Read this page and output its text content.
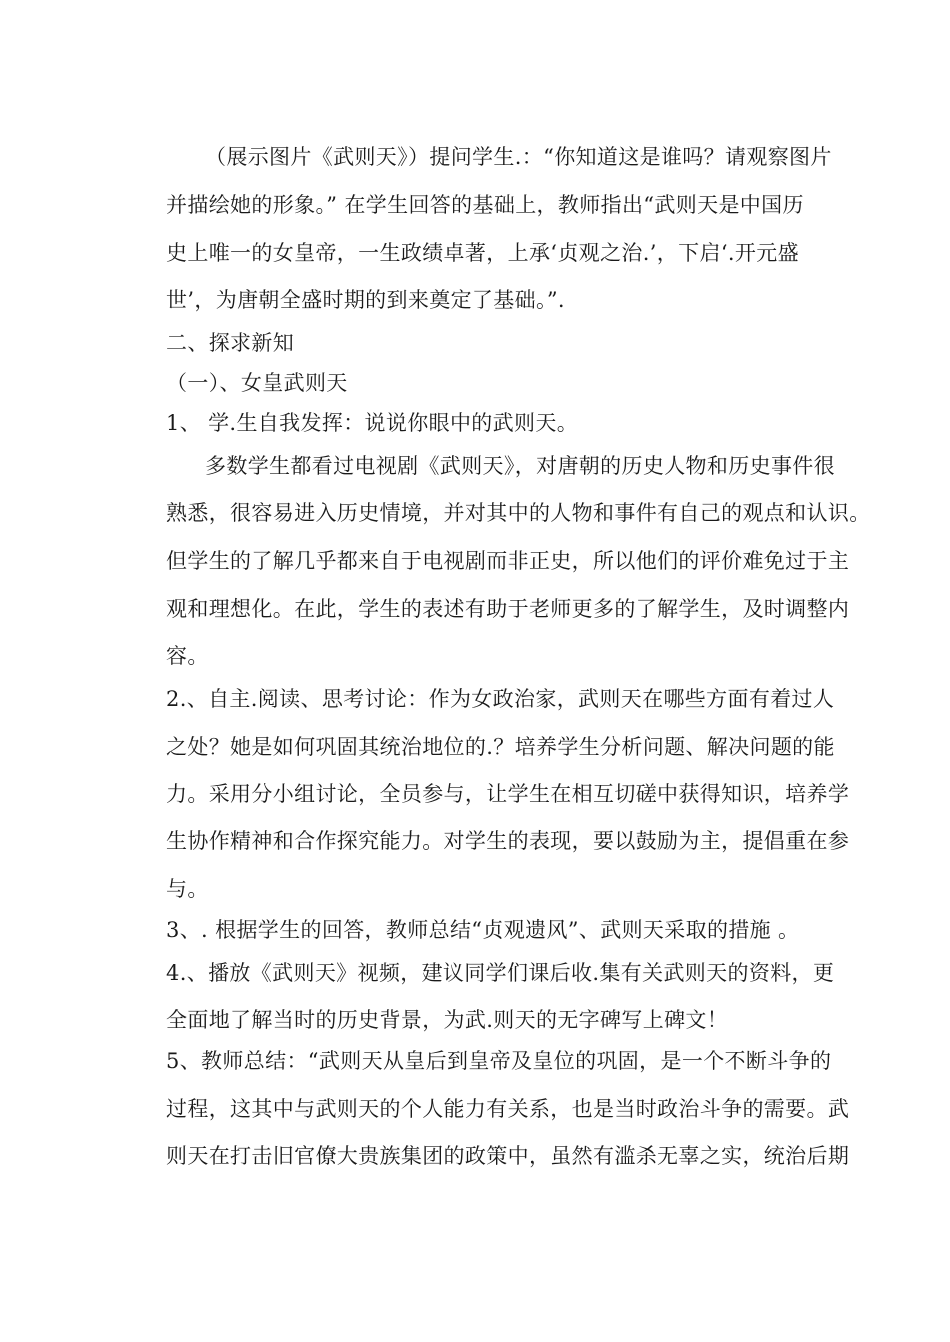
（展示图片《武则天》）提问学生.：“你知道这是谁吗？请观察图片
并描绘她的形象。” 在学生回答的基础上，教师指出“武则天是中国历
史上唯一的女皇帝，一生政绩卓著，上承‘贞观之治.’，下启‘.开元盛
世’，为唐朝全盛时期的到来奠定了基础。”.
二、探求新知
（一）、女皇武则天
1、 学.生自我发挥：说说你眼中的武则天。
多数学生都看过电视剧《武则天》，对唐朝的历史人物和历史事件很
熟悉，很容易进入历史情境，并对其中的人物和事件有自己的观点和认识。
但学生的了解几乎都来自于电视剧而非正史，所以他们的评价难免过于主
观和理想化。在此，学生的表述有助于老师更多的了解学生，及时调整内
容。
2.、自主.阅读、思考讨论：作为女政治家，武则天在哪些方面有着过人
之处？她是如何巩固其统治地位的.？培养学生分析问题、解决问题的能
力。采用分小组讨论，全员参与，让学生在相互切磋中获得知识，培养学
生协作精神和合作探究能力。对学生的表现，要以鼓励为主，提倡重在参
与。
3、. 根据学生的回答，教师总结“贞观遗风”、武则天采取的措施 。
4.、播放《武则天》视频，建议同学们课后收.集有关武则天的资料，更
全面地了解当时的历史背景，为武.则天的无字碑写上碑文！
5、教师总结：“武则天从皇后到皇帝及皇位的巩固，是一个不断斗争的
过程，这其中与武则天的个人能力有关系，也是当时政治斗争的需要。武
则天在打击旧官僚大贵族集团的政策中，虽然有滥杀无辜之实，统治后期
